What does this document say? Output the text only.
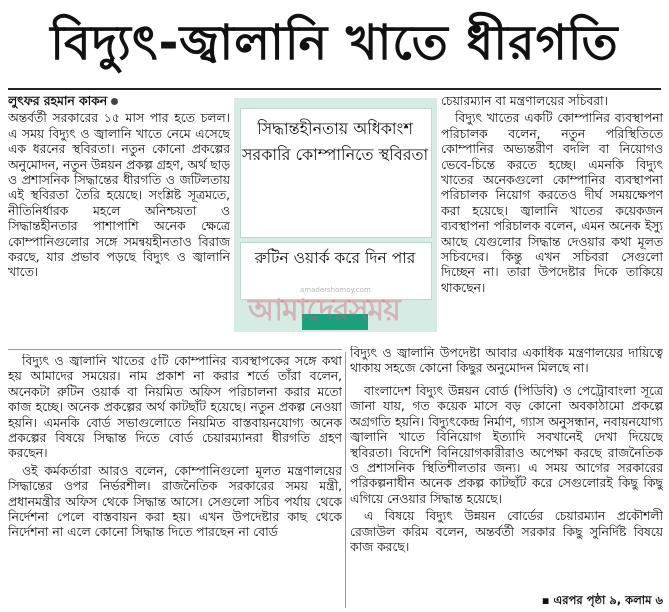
বিদ্যুৎ-জ্বালানি খাতে ধীরগতি

লুৎফর রহমান কাকন

অন্তর্বর্তী সরকারের ১৫ মাস পার হতে চলল। এ সময় বিদ্যুৎ ও জ্বালানি খাতে নেমে এসেছে এক ধরনের স্থবিরতা। নতুন কোনো প্রকল্পের অনুমোদন, নতুন উন্নয়ন প্রকল্প গ্রহণ, অর্থ ছাড় ও প্রশাসনিক সিদ্ধান্তের ধীরগতি ও জটিলতায় এই স্থবিরতা তৈরি হয়েছে। সংশ্লিষ্ট সূত্রমতে, নীতিনির্ধারক মহলে অনিশ্চয়তা ও সিদ্ধান্তহীনতার পাশাপাশি অনেক ক্ষেত্রে কোম্পানিগুলোর সঙ্গে সমন্বয়হীনতাও বিরাজ করছে, যার প্রভাব পড়ছে বিদ্যুৎ ও জ্বালানি খাতে।

সিদ্ধান্তহীনতায় অধিকাংশ সরকারি কোম্পানিতে স্থবিরতা
রুটিন ওয়ার্ক করে দিন পার
আমাদেরসময়
amadershomoy.com

চেয়ারম্যান বা মন্ত্রণালয়ের সচিবরা।

বিদ্যুৎ খাতের একটি কোম্পানির ব্যবস্থাপনা পরিচালক বলেন, নতুন পরিস্থিতিতে কোম্পানির অভ্যন্তরীণ বদলি বা নিয়োগও ভেবে-চিন্তে করতে হচ্ছে। এমনকি বিদ্যুৎ খাতের অনেকগুলো কোম্পানির ব্যবস্থাপনা পরিচালক নিয়োগ করতেও দীর্ঘ সময়ক্ষেপণ করা হয়েছে। জ্বালানি খাতের কয়েকজন ব্যবস্থাপনা পরিচালক বলেন, এমন অনেক ইস্যু আছে যেগুলোর সিদ্ধান্ত দেওয়ার কথা মূলত সচিবদের। কিন্তু এখন সচিবরা সেগুলো দিচ্ছেন না। তারা উপদেষ্টার দিকে তাকিয়ে থাকছেন।

বিদ্যুৎ ও জ্বালানি উপদেষ্টা আবার একাধিক মন্ত্রণালয়ের দায়িত্বে থাকায় সহজে কোনো কিছুর অনুমোদন মিলছে না।

বিদ্যুৎ ও জ্বালানি খাতের ৫টি কোম্পানির ব্যবস্থাপকের সঙ্গে কথা হয় আমাদের সময়ের। নাম প্রকাশ না করার শর্তে তাঁরা বলেন, অনেকটা রুটিন ওয়ার্ক বা নিয়মিত অফিস পরিচালনা করার মতো কাজ হচ্ছে। অনেক প্রকল্পের অর্থ কাটছাঁট হয়েছে। নতুন প্রকল্প নেওয়া হয়নি। এমনকি বোর্ড সভাগুলোতে নিয়মিত বাস্তবায়নযোগ্য অনেক প্রকল্পের বিষয়ে সিদ্ধান্ত দিতে বোর্ড চেয়ারম্যানরা ধীরগতি গ্রহণ করছেন।

ওই কর্মকর্তারা আরও বলেন, কোম্পানিগুলো মূলত মন্ত্রণালয়ের সিদ্ধান্তের ওপর নির্ভরশীল। রাজনৈতিক সরকারের সময় মন্ত্রী, প্রধানমন্ত্রীর অফিস থেকে সিদ্ধান্ত আসে। সেগুলো সচিব পর্যায় থেকে নির্দেশনা পেলে বাস্তবায়ন করা হয়। এখন উপদেষ্টার কাছ থেকে নির্দেশনা না এলে কোনো সিদ্ধান্ত দিতে পারছেন না বোর্ড

বাংলাদেশ বিদ্যুৎ উন্নয়ন বোর্ড (পিডিবি) ও পেট্রোবাংলা সূত্রে জানা যায়, গত কয়েক মাসে বড় কোনো অবকাঠামো প্রকল্পে অগ্রগতি হয়নি। বিদ্যুৎকেন্দ্র নির্মাণ, গ্যাস অনুসন্ধান, নবায়নযোগ্য জ্বালানি খাতে বিনিয়োগ ইত্যাদি সবখানেই দেখা দিয়েছে স্থবিরতা। বিদেশি বিনিয়োগকারীরাও অপেক্ষা করছে রাজনৈতিক ও প্রশাসনিক স্থিতিশীলতার জন্য। এ সময় আগের সরকারের পরিকল্পনাধীন অনেক প্রকল্প কাটছাঁট করে সেগুলোরই কিছু কিছু এগিয়ে নেওয়ার সিদ্ধান্ত হয়েছে।

এ বিষয়ে বিদ্যুৎ উন্নয়ন বোর্ডের চেয়ারম্যান প্রকৌশলী রেজাউল করিম বলেন, অন্তর্বর্তী সরকার কিছু সুনির্দিষ্ট বিষয়ে কাজ করছে।

▪ এরপর পৃষ্ঠা ৯, কলাম ৬
